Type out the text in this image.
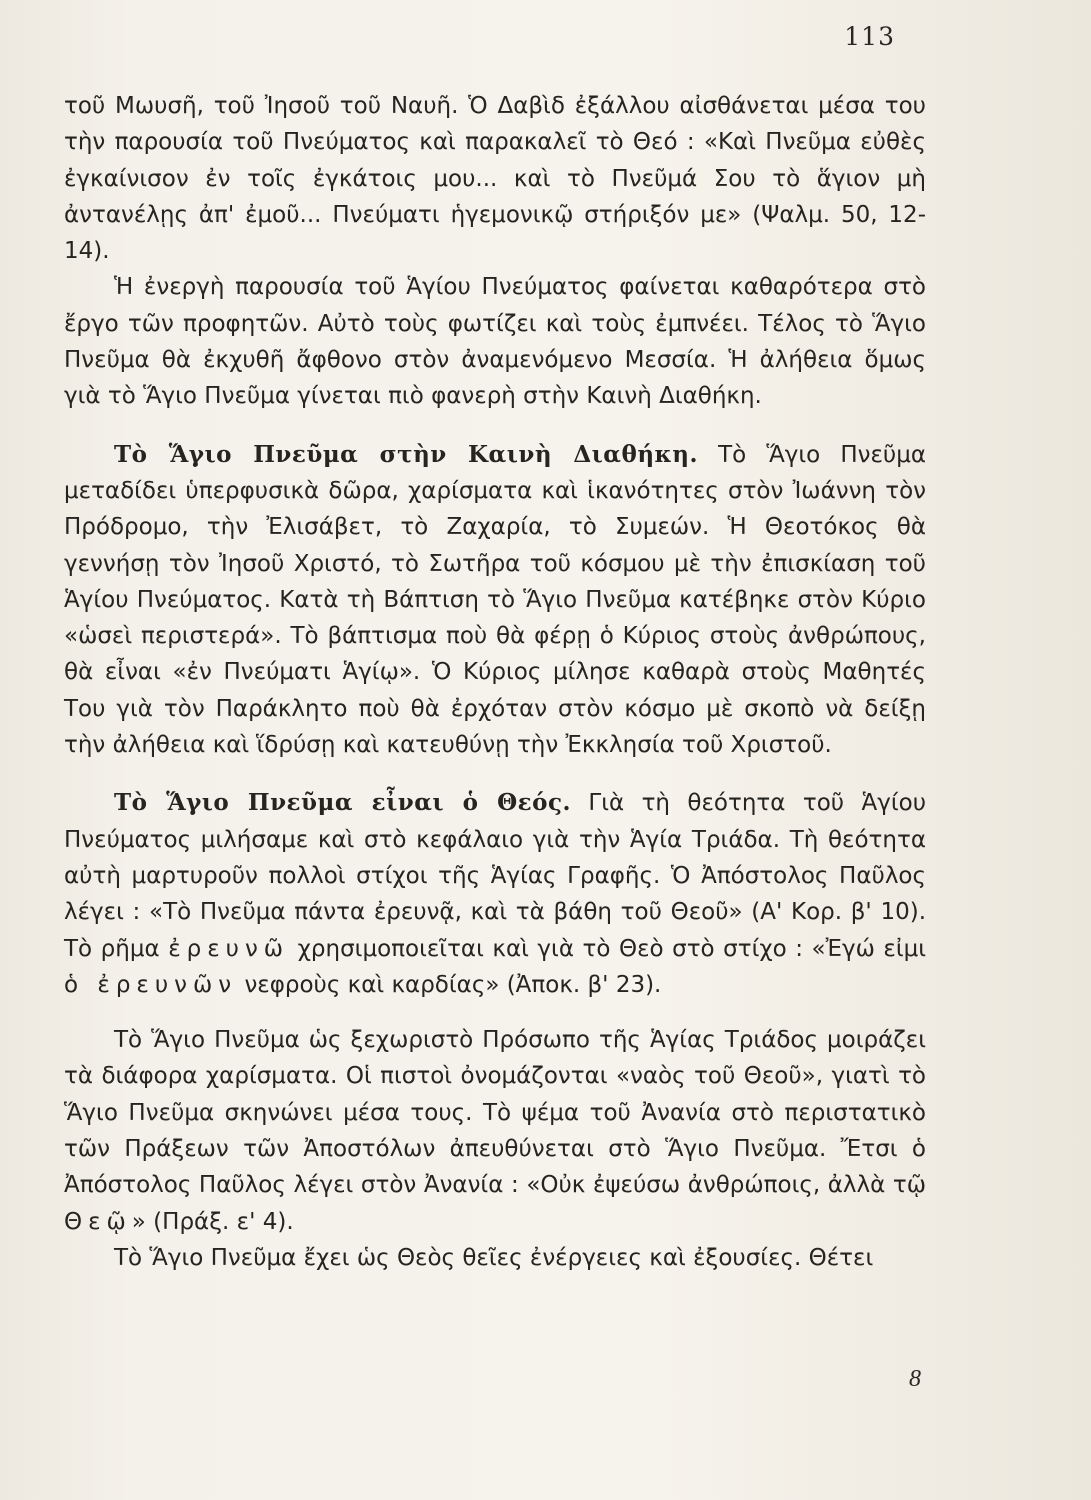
113

τοῦ Μωυσῆ, τοῦ Ἰησοῦ τοῦ Ναυῆ. Ὁ Δαβὶδ ἐξάλλου αἰσθάνεται μέσα του τὴν παρουσία τοῦ Πνεύματος καὶ παρακαλεῖ τὸ Θεό : «Καὶ Πνεῦμα εὐθὲς ἐγκαίνισον ἐν τοῖς ἐγκάτοις μου... καὶ τὸ Πνεῦμά Σου τὸ ἅγιον μὴ ἀντανέλῃς ἀπ' ἐμοῦ... Πνεύματι ἡγεμονικῷ στήριξόν με» (Ψαλμ. 50, 12-14).

Ἡ ἐνεργὴ παρουσία τοῦ Ἁγίου Πνεύματος φαίνεται καθαρότερα στὸ ἔργο τῶν προφητῶν. Αὐτὸ τοὺς φωτίζει καὶ τοὺς ἐμπνέει. Τέλος τὸ Ἅγιο Πνεῦμα θὰ ἐκχυθῆ ἄφθονο στὸν ἀναμενόμενο Μεσσία. Ἡ ἀλήθεια ὅμως γιὰ τὸ Ἅγιο Πνεῦμα γίνεται πιὸ φανερὴ στὴν Καινὴ Διαθήκη.

Τὸ Ἅγιο Πνεῦμα στὴν Καινὴ Διαθήκη. Τὸ Ἅγιο Πνεῦμα μεταδίδει ὑπερφυσικὰ δῶρα, χαρίσματα καὶ ἱκανότητες στὸν Ἰωάννη τὸν Πρόδρομο, τὴν Ἐλισάβετ, τὸ Ζαχαρία, τὸ Συμεών. Ἡ Θεοτόκος θὰ γεννήσῃ τὸν Ἰησοῦ Χριστό, τὸ Σωτῆρα τοῦ κόσμου μὲ τὴν ἐπισκίαση τοῦ Ἁγίου Πνεύματος. Κατὰ τὴ Βάπτιση τὸ Ἅγιο Πνεῦμα κατέβηκε στὸν Κύριο «ὡσεὶ περιστερά». Τὸ βάπτισμα ποὺ θὰ φέρῃ ὁ Κύριος στοὺς ἀνθρώπους, θὰ εἶναι «ἐν Πνεύματι Ἁγίῳ». Ὁ Κύριος μίλησε καθαρὰ στοὺς Μαθητές Του γιὰ τὸν Παράκλητο ποὺ θὰ ἐρχόταν στὸν κόσμο μὲ σκοπὸ νὰ δείξῃ τὴν ἀλήθεια καὶ ἵδρύσῃ καὶ κατευθύνῃ τὴν Ἐκκλησία τοῦ Χριστοῦ.

Τὸ Ἅγιο Πνεῦμα εἶναι ὁ Θεός. Γιὰ τὴ θεότητα τοῦ Ἁγίου Πνεύματος μιλήσαμε καὶ στὸ κεφάλαιο γιὰ τὴν Ἁγία Τριάδα. Τὴ θεότητα αὐτὴ μαρτυροῦν πολλοὶ στίχοι τῆς Ἁγίας Γραφῆς. Ὁ Ἀπόστολος Παῦλος λέγει : «Τὸ Πνεῦμα πάντα ἐρευνᾷ, καὶ τὰ βάθη τοῦ Θεοῦ» (Α' Κορ. β' 10). Τὸ ρῆμα ἐρευνῶ χρησιμοποιεῖται καὶ γιὰ τὸ Θεὸ στὸ στίχο : «Ἐγώ εἰμι ὁ ἐρευνῶν νεφροὺς καὶ καρδίας» (Ἀποκ. β' 23).

Τὸ Ἅγιο Πνεῦμα ὡς ξεχωριστὸ Πρόσωπο τῆς Ἁγίας Τριάδος μοιράζει τὰ διάφορα χαρίσματα. Οἱ πιστοὶ ὀνομάζονται «ναὸς τοῦ Θεοῦ», γιατὶ τὸ Ἅγιο Πνεῦμα σκηνώνει μέσα τους. Τὸ ψέμα τοῦ Ἀνανία στὸ περιστατικὸ τῶν Πράξεων τῶν Ἀποστόλων ἀπευθύνεται στὸ Ἅγιο Πνεῦμα. Ἔτσι ὁ Ἀπόστολος Παῦλος λέγει στὸν Ἀνανία : «Οὐκ ἐψεύσω ἀνθρώποις, ἀλλὰ τῷ Θεῷ» (Πράξ. ε' 4).

Τὸ Ἅγιο Πνεῦμα ἔχει ὡς Θεὸς θεῖες ἐνέργειες καὶ ἐξουσίες. Θέτει

8
